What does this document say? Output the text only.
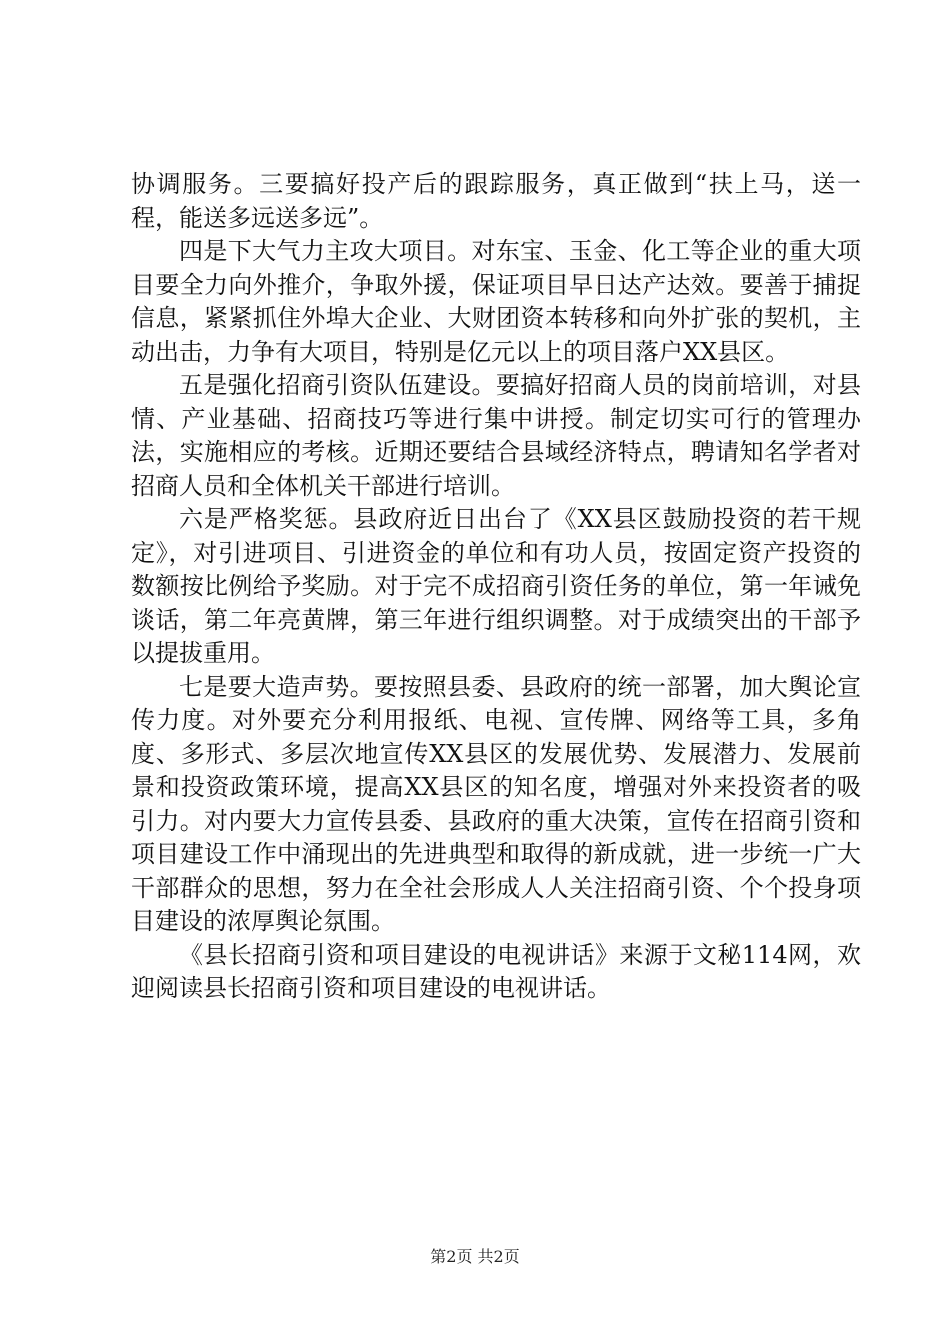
协调服务。三要搞好投产后的跟踪服务，真正做到“扶上马，送一程，能送多远送多远”。

四是下大气力主攻大项目。对东宝、玉金、化工等企业的重大项目要全力向外推介，争取外援，保证项目早日达产达效。要善于捕捉信息，紧紧抓住外埠大企业、大财团资本转移和向外扩张的契机，主动出击，力争有大项目，特别是亿元以上的项目落户XX县区。

五是强化招商引资队伍建设。要搞好招商人员的岗前培训，对县情、产业基础、招商技巧等进行集中讲授。制定切实可行的管理办法，实施相应的考核。近期还要结合县域经济特点，聘请知名学者对招商人员和全体机关干部进行培训。

六是严格奖惩。县政府近日出台了《XX县区鼓励投资的若干规定》，对引进项目、引进资金的单位和有功人员，按固定资产投资的数额按比例给予奖励。对于完不成招商引资任务的单位，第一年诫免谈话，第二年亮黄牌，第三年进行组织调整。对于成绩突出的干部予以提拔重用。

七是要大造声势。要按照县委、县政府的统一部署，加大舆论宣传力度。对外要充分利用报纸、电视、宣传牌、网络等工具，多角度、多形式、多层次地宣传XX县区的发展优势、发展潜力、发展前景和投资政策环境，提高XX县区的知名度，增强对外来投资者的吸引力。对内要大力宣传县委、县政府的重大决策，宣传在招商引资和项目建设工作中涌现出的先进典型和取得的新成就，进一步统一广大干部群众的思想，努力在全社会形成人人关注招商引资、个个投身项目建设的浓厚舆论氛围。

《县长招商引资和项目建设的电视讲话》来源于文秘114网，欢迎阅读县长招商引资和项目建设的电视讲话。

第2页 共2页
